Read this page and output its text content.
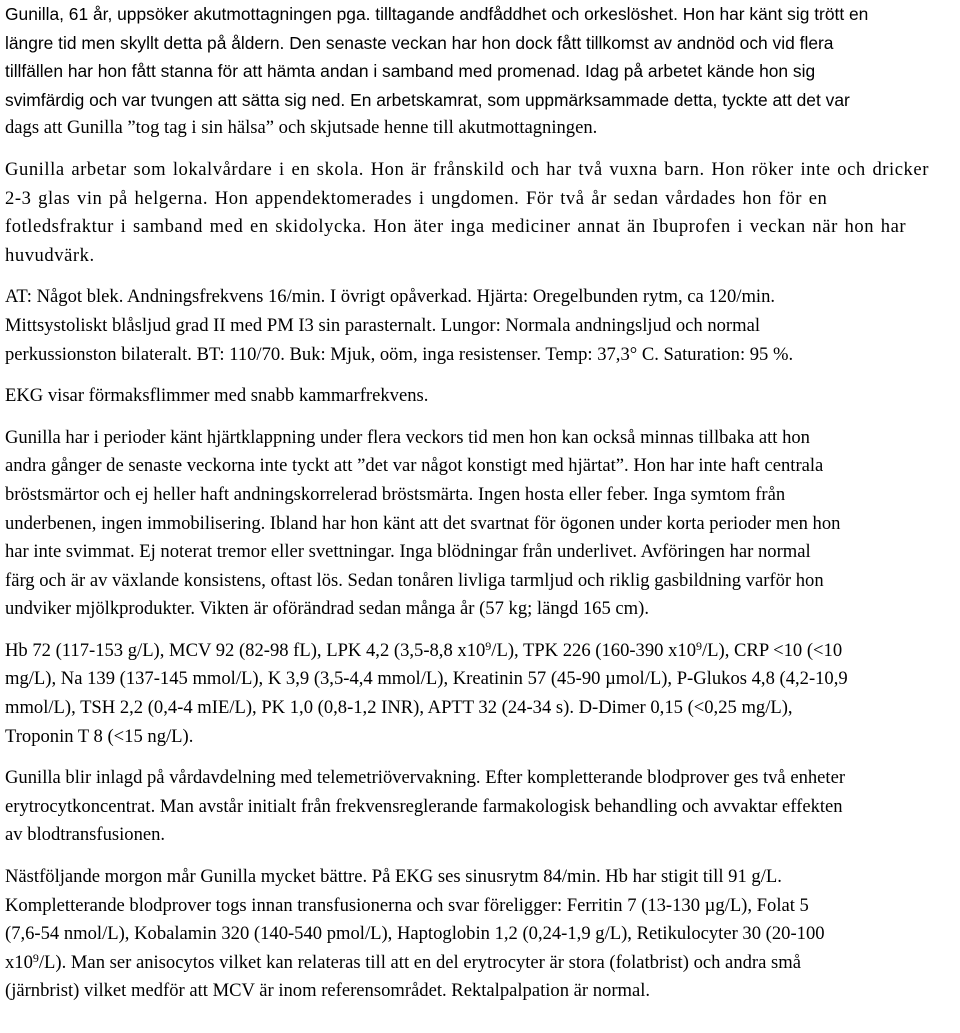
Gunilla, 61 år, uppsöker akutmottagningen pga. tilltagande andfåddhet och orkeslöshet. Hon har känt sig trött en
längre tid men skyllt detta på åldern. Den senaste veckan har hon dock fått tillkomst av andnöd och vid flera
tillfällen har hon fått stanna för att hämta andan i samband med promenad. Idag på arbetet kände hon sig
svimfärdig och var tvungen att sätta sig ned. En arbetskamrat, som uppmärksammade detta, tyckte att det var

dags att Gunilla ”tog tag i sin hälsa” och skjutsade henne till akutmottagningen.

Gunilla arbetar som lokalvårdare i en skola. Hon är frånskild och har två vuxna barn. Hon röker inte och dricker
2-3 glas vin på helgerna. Hon appendektomerades i ungdomen. För två år sedan vårdades hon för en
fotledsfraktur i samband med en skidolycka. Hon äter inga mediciner annat än Ibuprofen i veckan när hon har
huvudvärk.

AT: Något blek. Andningsfrekvens 16/min. I övrigt opåverkad. Hjärta: Oregelbunden rytm, ca 120/min.
Mittsystoliskt blåsljud grad II med PM I3 sin parasternalt. Lungor: Normala andningsljud och normal
perkussionston bilateralt. BT: 110/70. Buk: Mjuk, oöm, inga resistenser. Temp: 37,3° C. Saturation: 95 %.

EKG visar förmaksflimmer med snabb kammarfrekvens.

Gunilla har i perioder känt hjärtklappning under flera veckors tid men hon kan också minnas tillbaka att hon
andra gånger de senaste veckorna inte tyckt att ”det var något konstigt med hjärtat”. Hon har inte haft centrala
bröstsmärtor och ej heller haft andningskorrelerad bröstsmärta. Ingen hosta eller feber. Inga symtom från
underbenen, ingen immobilisering. Ibland har hon känt att det svartnat för ögonen under korta perioder men hon
har inte svimmat. Ej noterat tremor eller svettningar. Inga blödningar från underlivet. Avföringen har normal
färg och är av växlande konsistens, oftast lös. Sedan tonåren livliga tarmljud och riklig gasbildning varför hon
undviker mjölkprodukter. Vikten är oförändrad sedan många år (57 kg; längd 165 cm).

Hb 72 (117-153 g/L), MCV 92 (82-98 fL), LPK 4,2 (3,5-8,8 $x10^9/L$), TPK 226 (160-390 $x10^9/L$), CRP <10 (<10
mg/L), Na 139 (137-145 mmol/L), K 3,9 (3,5-4,4 mmol/L), Kreatinin 57 (45-90 µmol/L), P-Glukos 4,8 (4,2-10,9
mmol/L), TSH 2,2 (0,4-4 mIE/L), PK 1,0 (0,8-1,2 INR), APTT 32 (24-34 s). D-Dimer 0,15 (<0,25 mg/L),
Troponin T 8 (<15 ng/L).

Gunilla blir inlagd på vårdavdelning med telemetriövervakning. Efter kompletterande blodprover ges två enheter
erytrocytkoncentrat. Man avstår initialt från frekvensreglerande farmakologisk behandling och avvaktar effekten
av blodtransfusionen.

Nästföljande morgon mår Gunilla mycket bättre. På EKG ses sinusrytm 84/min. Hb har stigit till 91 g/L.
Kompletterande blodprover togs innan transfusionerna och svar föreligger: Ferritin 7 (13-130 µg/L), Folat 5
(7,6-54 nmol/L), Kobalamin 320 (140-540 pmol/L), Haptoglobin 1,2 (0,24-1,9 g/L), Retikulocyter 30 (20-100
$x10^9/L$). Man ser anisocytos vilket kan relateras till att en del erytrocyter är stora (folatbrist) och andra små
(järnbrist) vilket medför att MCV är inom referensområdet. Rektalpalpation är normal.
